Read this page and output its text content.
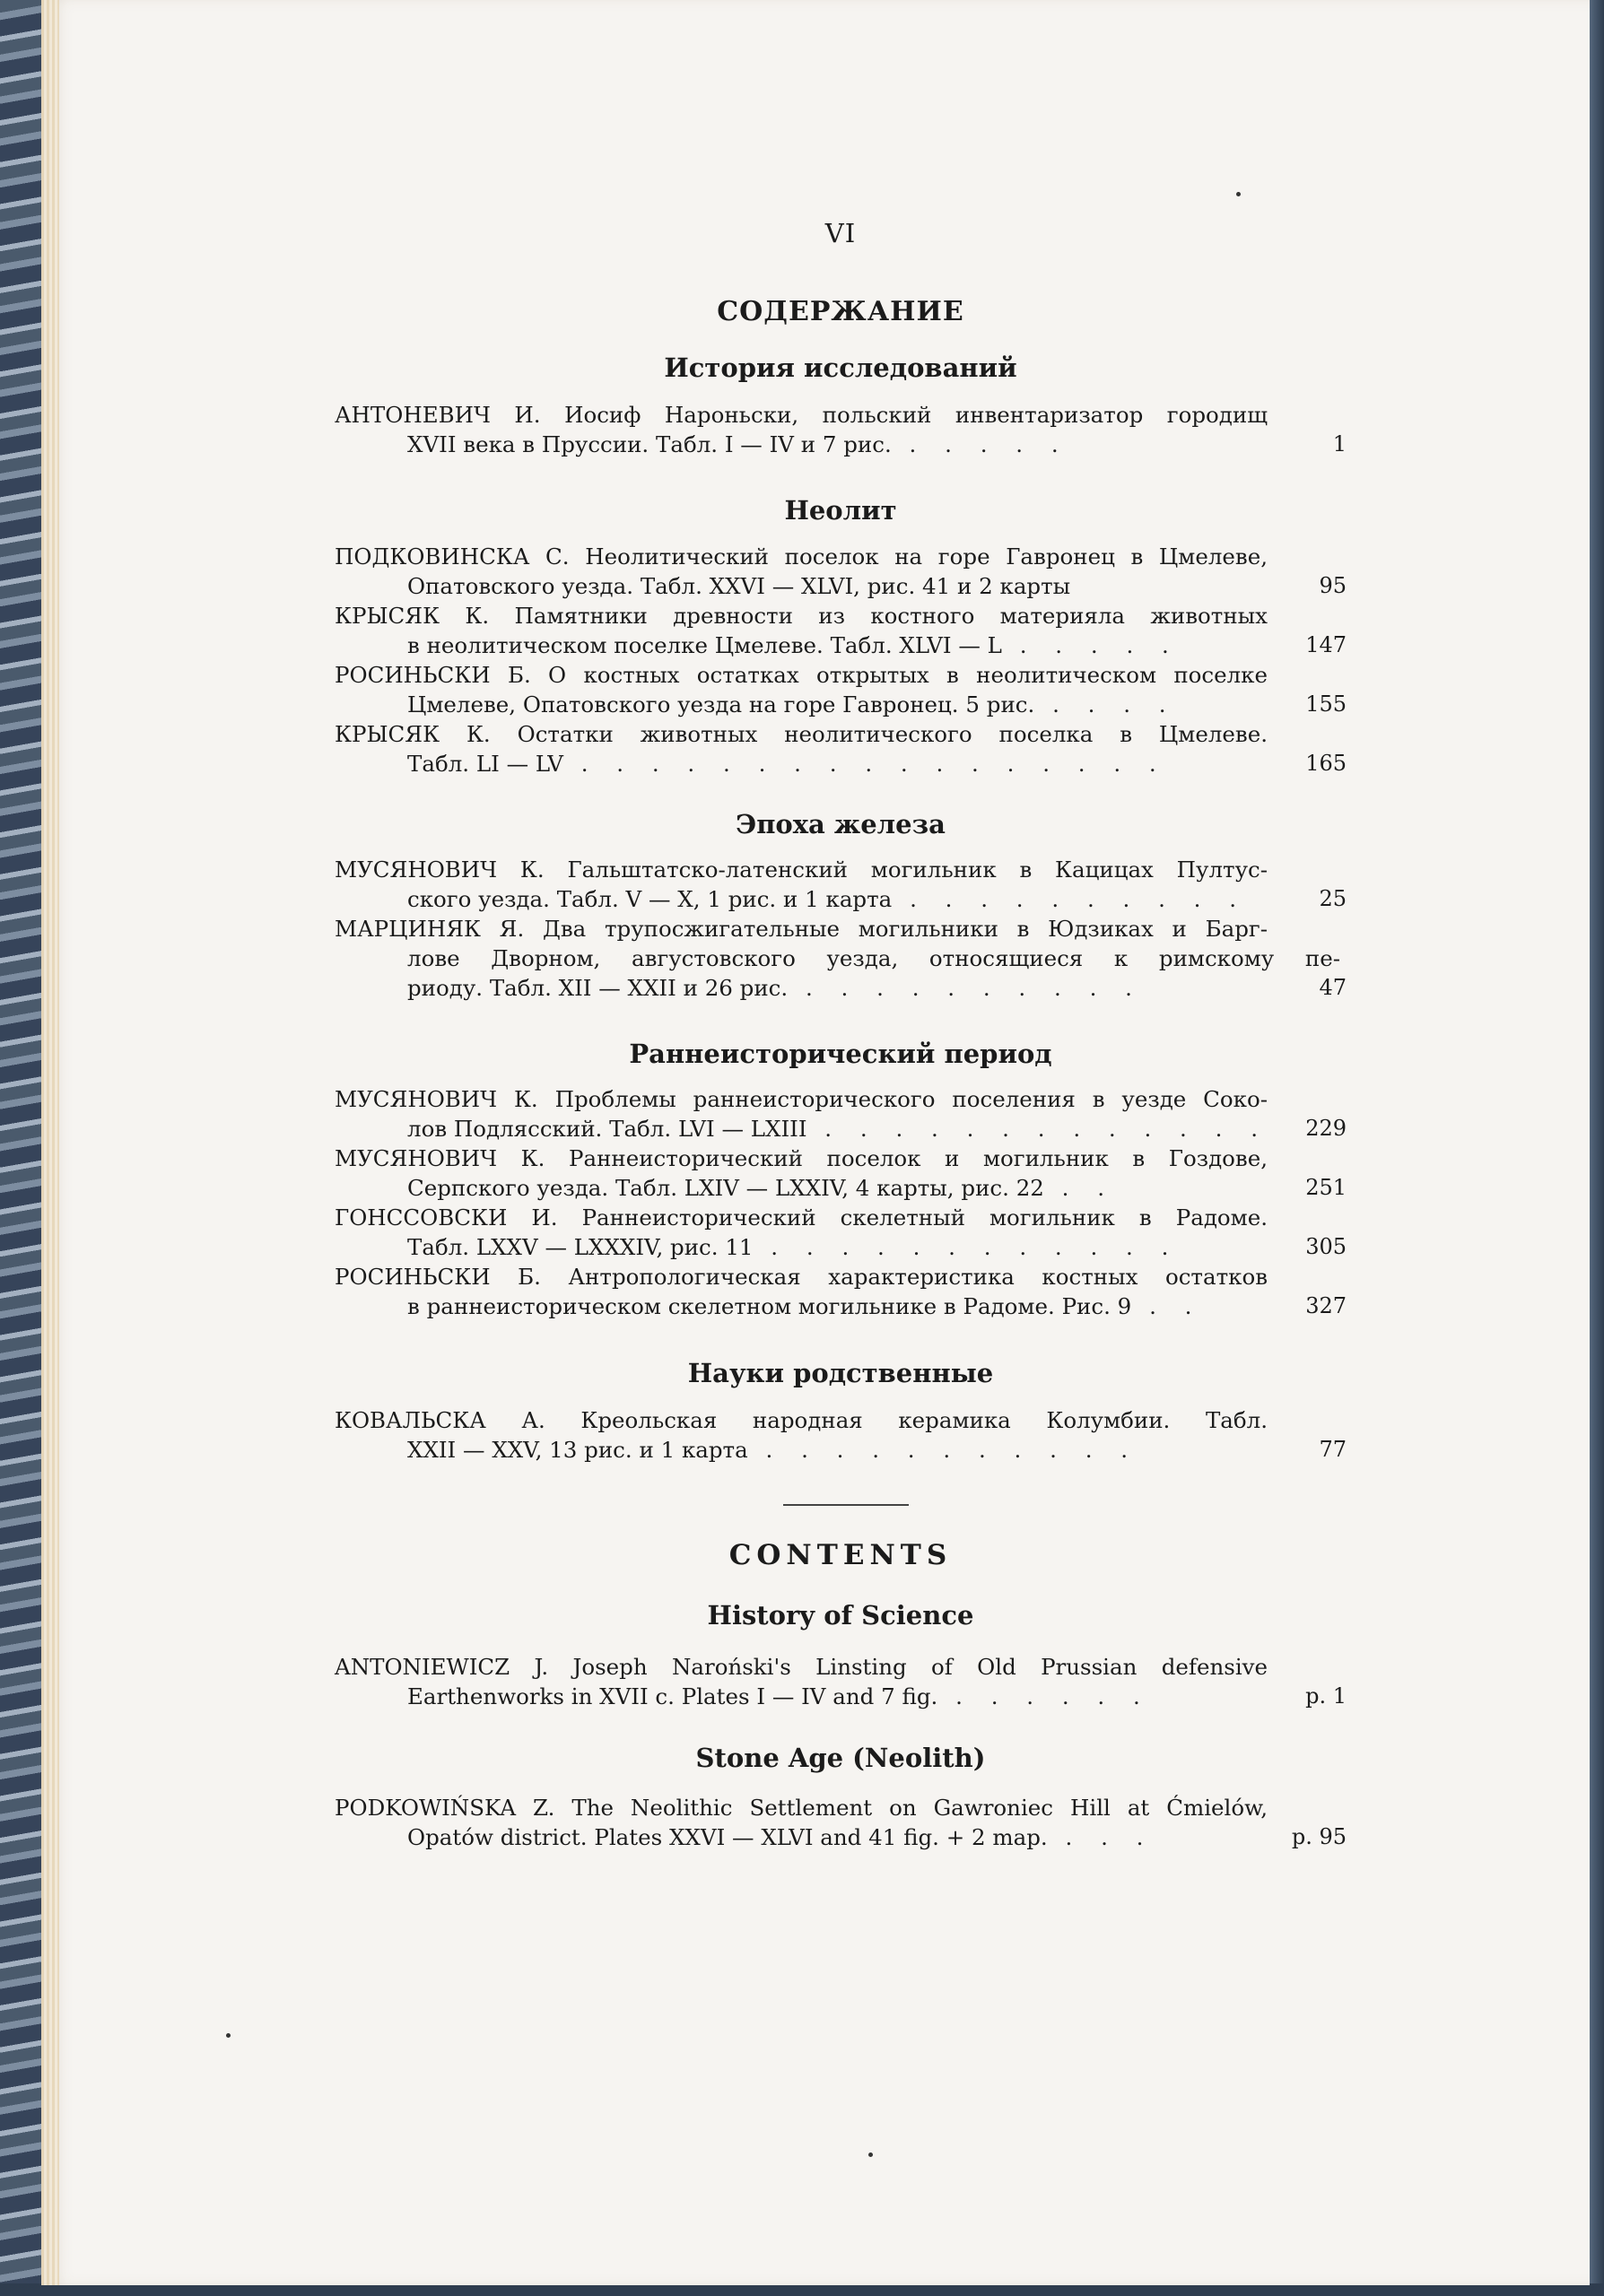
VI
СОДЕРЖАНИЕ
История исследований
АНТОНЕВИЧ И. Иосиф Нароньски, польский инвентаризатор городищ
XVII века в Пруссии. Табл. I — IV и 7 рис. . . . . .	1
Неолит
ПОДКОВИНСКА С. Неолитический поселок на горе Гавронец в Цмелеве,
Опатовского уезда. Табл. XXVI — XLVI, рис. 41 и 2 карты	95
КРЫСЯК К. Памятники древности из костного материяла животных
в неолитическом поселке Цмелеве. Табл. XLVI — L . . . . .	147
РОСИНЬСКИ Б. О костных остатках открытых в неолитическом поселке
Цмелеве, Опатовского уезда на горе Гавронец. 5 рис. . . . .	155
КРЫСЯК К. Остатки животных неолитического поселка в Цмелеве.
Табл. LI — LV . . . . . . . . . . . . . . . . .	165
Эпоха железа
МУСЯНОВИЧ К. Гальштатско-латенский могильник в Кацицах Пултус-
ского уезда. Табл. V — X, 1 рис. и 1 карта . . . . . . . . . .	25
МАРЦИНЯК Я. Два трупосжигательные могильники в Юдзиках и Барг-
лове Дворном, августовского уезда, относящиеся к римскому пе-
риоду. Табл. XII — XXII и 26 рис. . . . . . . . . . .	47
Раннеисторический период
МУСЯНОВИЧ К. Проблемы раннеисторического поселения в уезде Соко-
лов Подлясский. Табл. LVI — LXIII . . . . . . . . . . . . .	229
МУСЯНОВИЧ К. Раннеисторический поселок и могильник в Гоздове,
Серпского уезда. Табл. LXIV — LXXIV, 4 карты, рис. 22 . .	251
ГОНССОВСКИ И. Раннеисторический скелетный могильник в Радоме.
Табл. LXXV — LXXXIV, рис. 11 . . . . . . . . . . . .	305
РОСИНЬСКИ Б. Антропологическая характеристика костных остатков
в раннеисторическом скелетном могильнике в Радоме. Рис. 9 . .	327
Науки родственные
КОВАЛЬСКА А. Креольская народная керамика Колумбии. Табл.
XXII — XXV, 13 рис. и 1 карта . . . . . . . . . . .	77
CONTENTS
History of Science
ANTONIEWICZ J. Joseph Naroński's Linsting of Old Prussian defensive
Earthenworks in XVII c. Plates I — IV and 7 fig. . . . . . .	p. 1
Stone Age (Neolith)
PODKOWIŃSKA Z. The Neolithic Settlement on Gawroniec Hill at Ćmielów,
Opatów district. Plates XXVI — XLVI and 41 fig. + 2 map. . . .	p. 95
